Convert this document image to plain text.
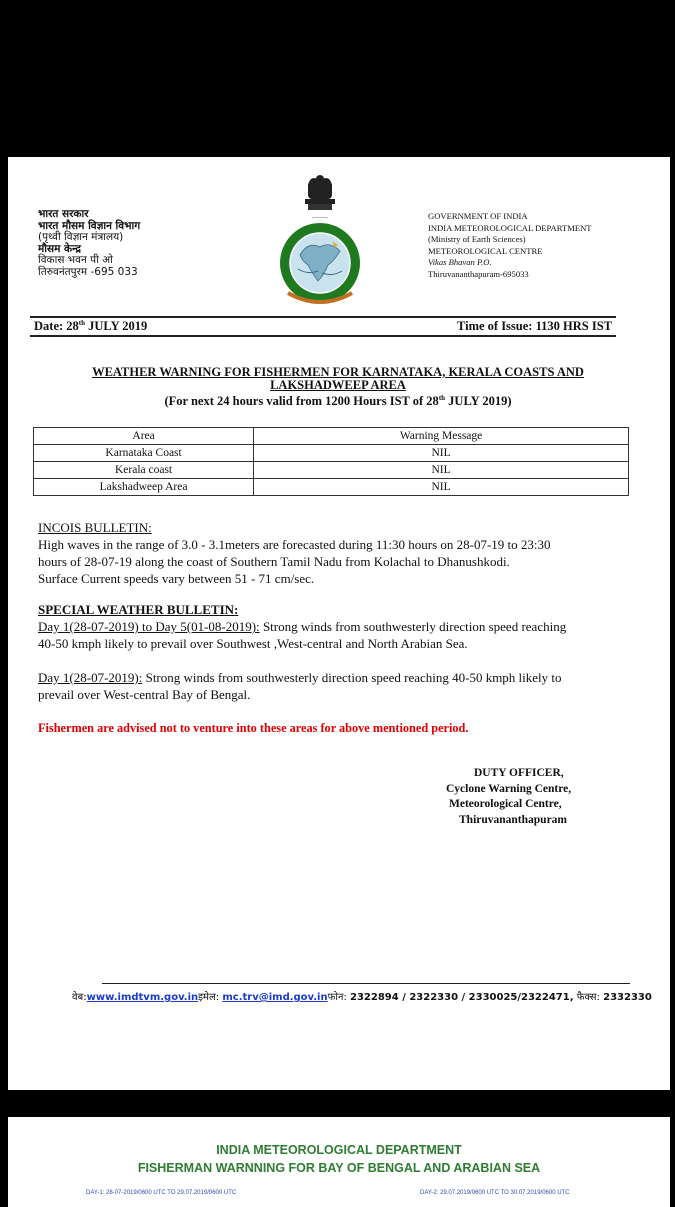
भारत सरकार
भारत मौसम विज्ञान विभाग
(पृथ्वी विज्ञान मंत्रालय)
मौसम केन्द्र
विकास भवन पी ओ
तिरुवनंतपुरम -695 033
~~~~~~	GOVERNMENT OF INDIA
INDIA METEOROLOGICAL DEPARTMENT
(Ministry of Earth Sciences)
METEOROLOGICAL CENTRE
Vikas Bhavan P.O.
Thiruvananthapuram-695033
Date: 28th JULY 2019	Time of Issue: 1130 HRS IST
WEATHER WARNING FOR FISHERMEN FOR KARNATAKA, KERALA COASTS AND
LAKSHADWEEP AREA
(For next 24 hours valid from 1200 Hours IST of 28th JULY 2019)
Area	Warning Message
Karnataka Coast	NIL
Kerala coast	NIL
Lakshadweep Area	NIL
INCOIS BULLETIN:
High waves in the range of 3.0 - 3.1meters are forecasted during 11:30 hours on 28-07-19 to 23:30
hours of 28-07-19 along the coast of Southern Tamil Nadu from Kolachal to Dhanushkodi.
Surface Current speeds vary between 51 - 71 cm/sec.
SPECIAL WEATHER BULLETIN:
Day 1(28-07-2019) to Day 5(01-08-2019): Strong winds from southwesterly direction speed reaching
40-50 kmph likely to prevail over Southwest ,West-central and North Arabian Sea.
Day 1(28-07-2019): Strong winds from southwesterly direction speed reaching 40-50 kmph likely to
prevail over West-central Bay of Bengal.
Fishermen are advised not to venture into these areas for above mentioned period.
DUTY OFFICER,
Cyclone Warning Centre,
Meteorological Centre,
Thiruvananthapuram
वेब:www.imdtvm.gov.inइमेल: mc.trv@imd.gov.inफोन: 2322894 / 2322330 / 2330025/2322471, फैक्स: 2332330
INDIA METEOROLOGICAL DEPARTMENT
FISHERMAN WARNNING FOR BAY OF BENGAL AND ARABIAN SEA
DAY-1: 28-07-2019/0600 UTC TO 29.07.2019/0600 UTC	DAY-2: 29.07.2019/0600 UTC TO 30.07.2019/0600 UTC
